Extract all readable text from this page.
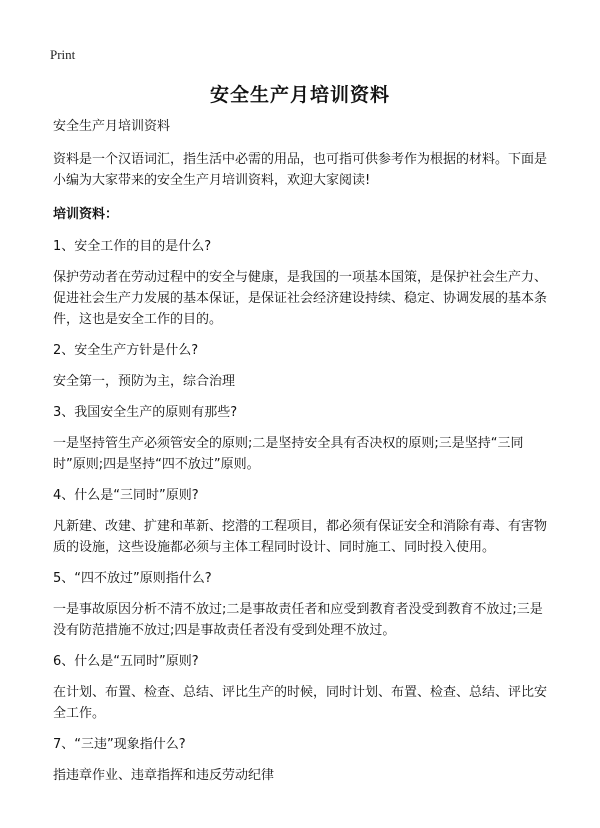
Print
安全生产月培训资料

安全生产月培训资料

资料是一个汉语词汇，指生活中必需的用品，也可指可供参考作为根据的材料。下面是小编为大家带来的安全生产月培训资料，欢迎大家阅读!

培训资料：

1、安全工作的目的是什么?

保护劳动者在劳动过程中的安全与健康，是我国的一项基本国策，是保护社会生产力、促进社会生产力发展的基本保证，是保证社会经济建设持续、稳定、协调发展的基本条件，这也是安全工作的目的。

2、安全生产方针是什么?

安全第一，预防为主，综合治理

3、我国安全生产的原则有那些?

一是坚持管生产必须管安全的原则;二是坚持安全具有否决权的原则;三是坚持“三同时”原则;四是坚持“四不放过”原则。

4、什么是“三同时”原则?

凡新建、改建、扩建和革新、挖潜的工程项目，都必须有保证安全和消除有毒、有害物质的设施，这些设施都必须与主体工程同时设计、同时施工、同时投入使用。

5、“四不放过”原则指什么?

一是事故原因分析不清不放过;二是事故责任者和应受到教育者没受到教育不放过;三是没有防范措施不放过;四是事故责任者没有受到处理不放过。

6、什么是“五同时”原则?

在计划、布置、检查、总结、评比生产的时候，同时计划、布置、检查、总结、评比安全工作。

7、“三违”现象指什么?

指违章作业、违章指挥和违反劳动纪律
